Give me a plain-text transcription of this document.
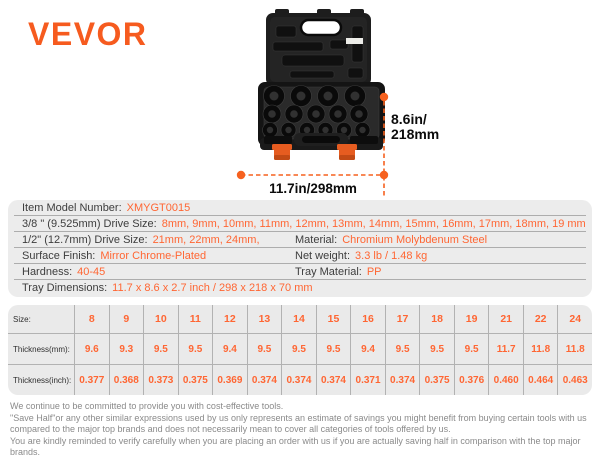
VEVOR
8.6in/
218mm
11.7in/298mm
Item Model Number: XMYGT0015
3/8 " (9.525mm) Drive Size: 8mm, 9mm, 10mm, 11mm, 12mm, 13mm, 14mm, 15mm, 16mm, 17mm, 18mm, 19 mm
1/2" (12.7mm) Drive Size: 21mm, 22mm, 24mm,	Material: Chromium Molybdenum Steel
Surface Finish: Mirror Chrome-Plated	Net weight: 3.3 lb / 1.48 kg
Hardness: 40-45	Tray Material: PP
Tray Dimensions: 11.7 x 8.6 x 2.7 inch / 298 x 218 x 70 mm
Size:	8	9	10	11	12	13	14	15	16	17	18	19	21	22	24
Thickness(mm):	9.6	9.3	9.5	9.5	9.4	9.5	9.5	9.5	9.4	9.5	9.5	9.5	11.7	11.8	11.8
Thickness(inch): 0.377 0.368 0.373 0.375 0.369 0.374 0.374 0.374 0.371 0.374 0.375 0.376 0.460 0.464 0.463

We continue to be committed to provide you with cost-effective tools.

"Save Half"or any other similar expressions used by us only represents an estimate of savings you might benefit from buying certain tools with us compared to the major top brands and does not necessarily mean to cover all categories of tools offered by us.

You are kindly reminded to verify carefully when you are placing an order with us if you are actually saving half in comparison with the top major brands.
